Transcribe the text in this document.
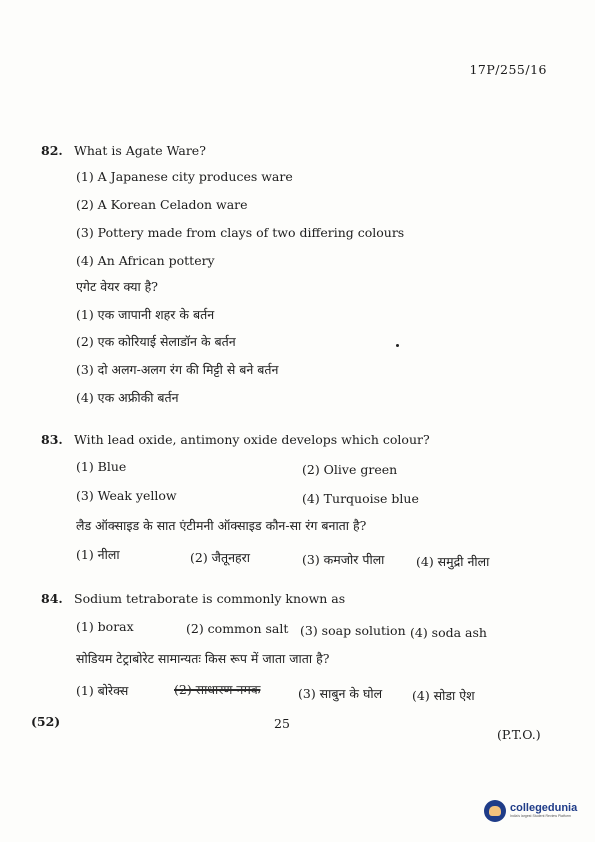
17P/255/16
82. What is Agate Ware?
(1) A Japanese city produces ware
(2) A Korean Celadon ware
(3) Pottery made from clays of two differing colours
(4) An African pottery
एगेट वेयर क्या है?
(1) एक जापानी शहर के बर्तन
(2) एक कोरियाई सेलाडॉन के बर्तन
(3) दो अलग-अलग रंग की मिट्टी से बने बर्तन
(4) एक अफ्रीकी बर्तन
83. With lead oxide, antimony oxide develops which colour?
(1) Blue	(2) Olive green
(3) Weak yellow	(4) Turquoise blue
लैड ऑक्साइड के सात एंटीमनी ऑक्साइड कौन-सा रंग बनाता है?
(1) नीला	(2) जैतूनहरा	(3) कमजोर पीला	(4) समुद्री नीला
84. Sodium tetraborate is commonly known as
(1) borax	(2) common salt (3) soap solution (4) soda ash
सोडियम टेट्राबोरेट सामान्यतः किस रूप में जाता जाता है?
(1) बोरेक्स	(2) साधारण नमक	(3) साबुन के घोल (4) सोडा ऐश
(52)	25
(P.T.O.)
collegedunia
India's largest Student Review Platform
